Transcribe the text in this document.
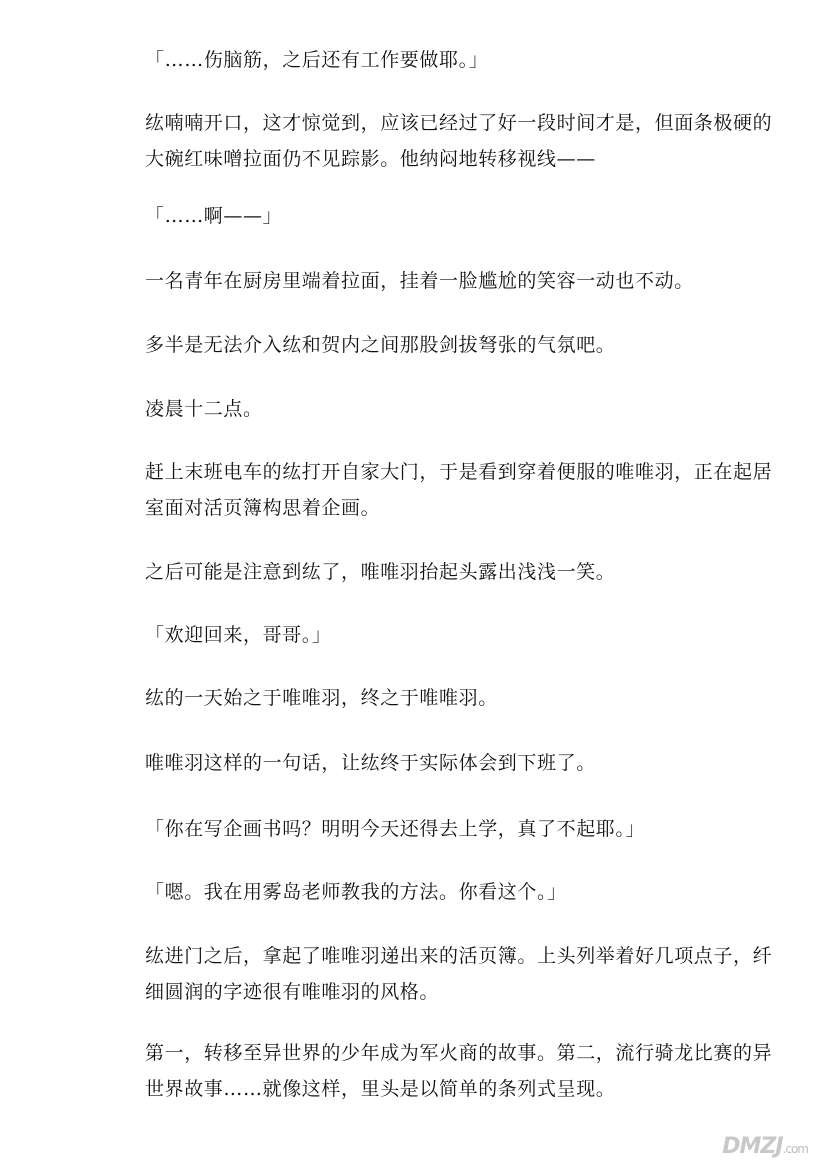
「……伤脑筋，之后还有工作要做耶。」

纮喃喃开口，这才惊觉到，应该已经过了好一段时间才是，但面条极硬的大碗红味噌拉面仍不见踪影。他纳闷地转移视线——

「……啊——」

一名青年在厨房里端着拉面，挂着一脸尴尬的笑容一动也不动。

多半是无法介入纮和贺内之间那股剑拔弩张的气氛吧。

凌晨十二点。

赶上末班电车的纮打开自家大门，于是看到穿着便服的唯唯羽，正在起居室面对活页簿构思着企画。

之后可能是注意到纮了，唯唯羽抬起头露出浅浅一笑。

「欢迎回来，哥哥。」

纮的一天始之于唯唯羽，终之于唯唯羽。

唯唯羽这样的一句话，让纮终于实际体会到下班了。

「你在写企画书吗？明明今天还得去上学，真了不起耶。」

「嗯。我在用雾岛老师教我的方法。你看这个。」

纮进门之后，拿起了唯唯羽递出来的活页簿。上头列举着好几项点子，纤细圆润的字迹很有唯唯羽的风格。

第一，转移至异世界的少年成为军火商的故事。第二，流行骑龙比赛的异世界故事……就像这样，里头是以简单的条列式呈现。

DMZJ.com
